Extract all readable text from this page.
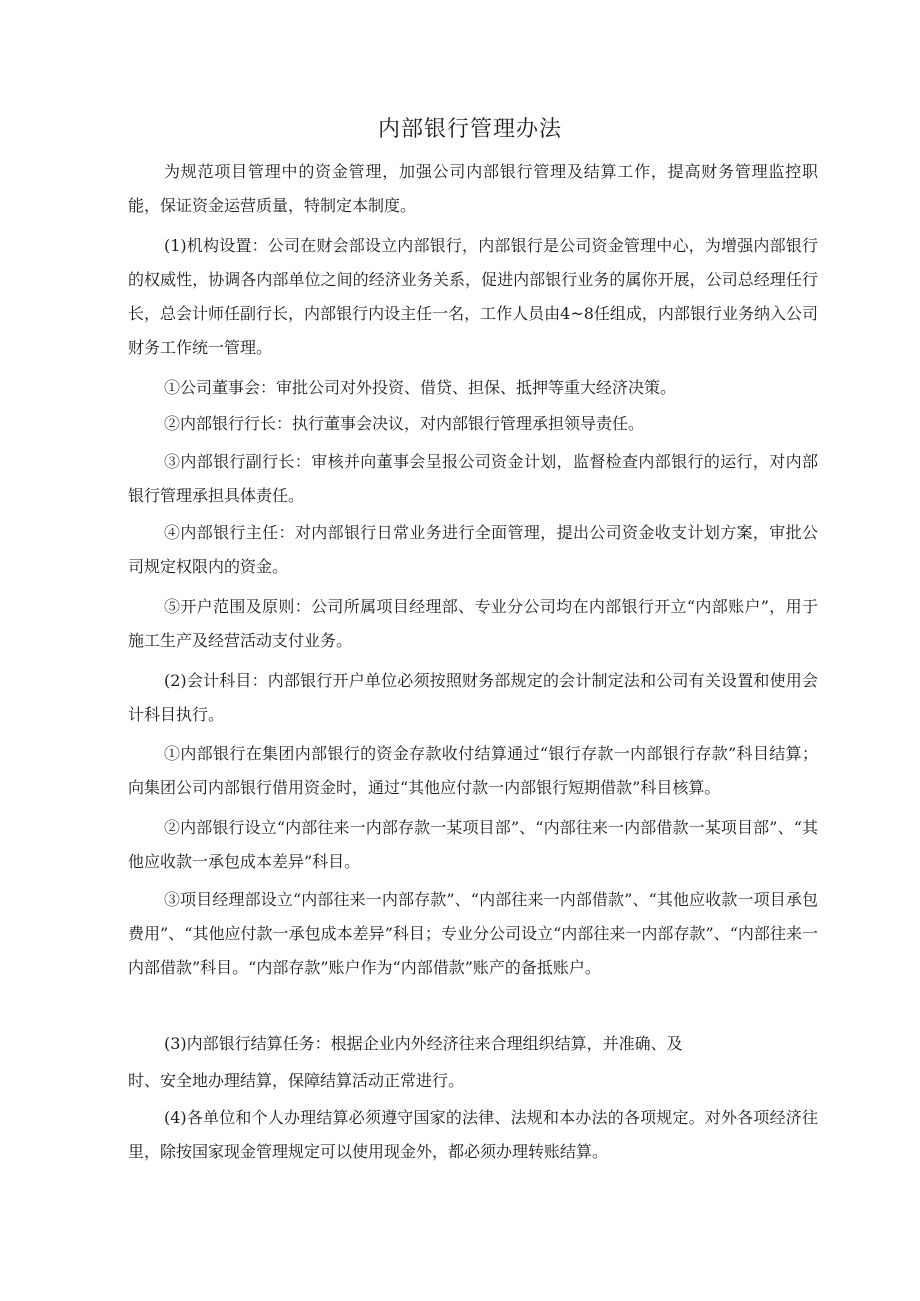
内部银行管理办法

为规范项目管理中的资金管理，加强公司内部银行管理及结算工作，提高财务管理监控职能，保证资金运营质量，特制定本制度。

(1)机构设置：公司在财会部设立内部银行，内部银行是公司资金管理中心，为增强内部银行的权威性，协调各内部单位之间的经济业务关系，促进内部银行业务的属你开展，公司总经理任行长，总会计师任副行长，内部银行内设主任一名，工作人员由4~8任组成，内部银行业务纳入公司财务工作统一管理。

①公司董事会：审批公司对外投资、借贷、担保、抵押等重大经济决策。

②内部银行行长：执行董事会决议，对内部银行管理承担领导责任。

③内部银行副行长：审核并向董事会呈报公司资金计划，监督检查内部银行的运行，对内部银行管理承担具体责任。

④内部银行主任：对内部银行日常业务进行全面管理，提出公司资金收支计划方案，审批公司规定权限内的资金。

⑤开户范围及原则：公司所属项目经理部、专业分公司均在内部银行开立“内部账户”，用于施工生产及经营活动支付业务。

(2)会计科目：内部银行开户单位必须按照财务部规定的会计制定法和公司有关设置和使用会计科目执行。

①内部银行在集团内部银行的资金存款收付结算通过“银行存款一内部银行存款”科目结算；向集团公司内部银行借用资金时，通过“其他应付款一内部银行短期借款”科目核算。

②内部银行设立“内部往来一内部存款一某项目部”、“内部往来一内部借款一某项目部”、“其他应收款一承包成本差异”科目。

③项目经理部设立“内部往来一内部存款”、“内部往来一内部借款”、“其他应收款一项目承包费用”、“其他应付款一承包成本差异”科目；专业分公司设立“内部往来一内部存款”、“内部往来一内部借款”科目。“内部存款”账户作为“内部借款”账产的备抵账户。

(3)内部银行结算任务：根据企业内外经济往来合理组织结算，并准确、及

时、安全地办理结算，保障结算活动正常进行。

(4)各单位和个人办理结算必须遵守国家的法律、法规和本办法的各项规定。对外各项经济往里，除按国家现金管理规定可以使用现金外，都必须办理转账结算。
